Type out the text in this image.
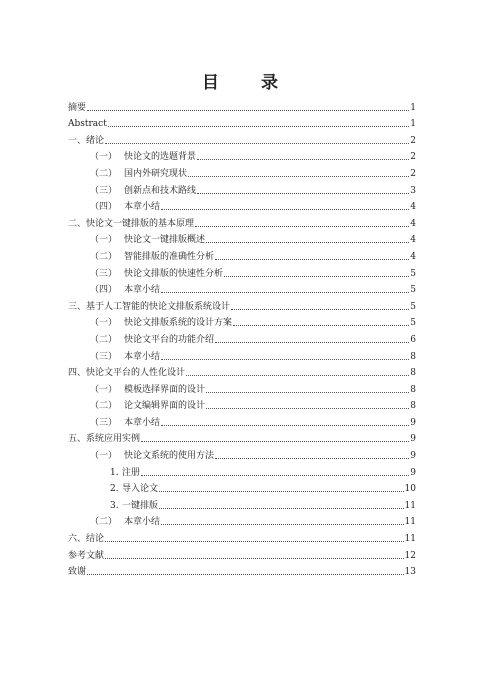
目 录
摘要	1
Abstract	1
一、绪论	2
（一） 快论文的选题背景	2
（二） 国内外研究现状	2
（三） 创新点和技术路线	3
（四） 本章小结	4
二、快论文一键排版的基本原理	4
（一） 快论文一键排版概述	4
（二） 智能排版的准确性分析	4
（三） 快论文排版的快速性分析	5
（四） 本章小结	5
三、基于人工智能的快论文排版系统设计	5
（一） 快论文排版系统的设计方案	5
（二） 快论文平台的功能介绍	6
（三） 本章小结	8
四、快论文平台的人性化设计	8
（一） 模板选择界面的设计	8
（二） 论文编辑界面的设计	8
（三） 本章小结	9
五、系统应用实例	9
（一） 快论文系统的使用方法	9
1. 注册	9
2. 导入论文	10
3. 一键排版	11
（二） 本章小结	11
六、结论	11
参考文献	12
致谢	13
